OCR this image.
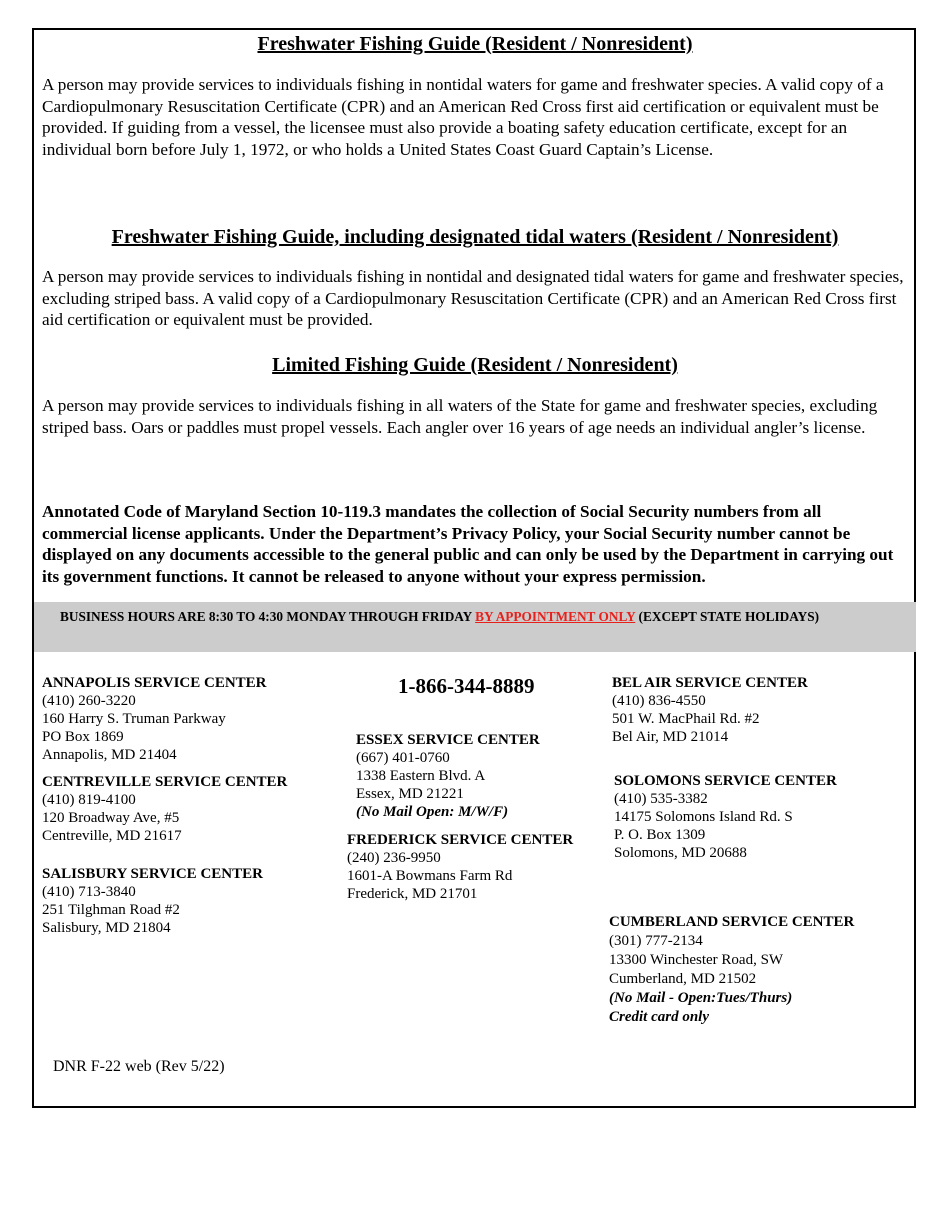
Freshwater Fishing Guide (Resident / Nonresident)

A person may provide services to individuals fishing in nontidal waters for game and freshwater species. A valid copy of a Cardiopulmonary Resuscitation Certificate (CPR) and an American Red Cross first aid certification or equivalent must be provided. If guiding from a vessel, the licensee must also provide a boating safety education certificate, except for an individual born before July 1, 1972, or who holds a United States Coast Guard Captain’s License.

Freshwater Fishing Guide, including designated tidal waters (Resident / Nonresident)

A person may provide services to individuals fishing in nontidal and designated tidal waters for game and freshwater species, excluding striped bass. A valid copy of a Cardiopulmonary Resuscitation Certificate (CPR) and an American Red Cross first aid certification or equivalent must be provided.

Limited Fishing Guide (Resident / Nonresident)

A person may provide services to individuals fishing in all waters of the State for game and freshwater species, excluding striped bass. Oars or paddles must propel vessels. Each angler over 16 years of age needs an individual angler’s license.

Annotated Code of Maryland Section 10-119.3 mandates the collection of Social Security numbers from all commercial license applicants. Under the Department’s Privacy Policy, your Social Security number cannot be displayed on any documents accessible to the general public and can only be used by the Department in carrying out its government functions. It cannot be released to anyone without your express permission.

BUSINESS HOURS ARE 8:30 TO 4:30 MONDAY THROUGH FRIDAY BY APPOINTMENT ONLY (EXCEPT STATE HOLIDAYS)
1-866-344-8889
ANNAPOLIS SERVICE CENTER
(410) 260-3220
160 Harry S. Truman Parkway
PO Box 1869
Annapolis, MD 21404
CENTREVILLE SERVICE CENTER
(410) 819-4100
120 Broadway Ave, #5
Centreville, MD 21617
SALISBURY SERVICE CENTER
(410) 713-3840
251 Tilghman Road #2
Salisbury, MD 21804
ESSEX SERVICE CENTER
(667) 401-0760
1338 Eastern Blvd. A
Essex, MD 21221
(No Mail Open: M/W/F)
FREDERICK SERVICE CENTER
(240) 236-9950
1601-A Bowmans Farm Rd
Frederick, MD 21701
BEL AIR SERVICE CENTER
(410) 836-4550
501 W. MacPhail Rd. #2
Bel Air, MD 21014
SOLOMONS SERVICE CENTER
(410) 535-3382
14175 Solomons Island Rd. S
P. O. Box 1309
Solomons, MD 20688
CUMBERLAND SERVICE CENTER
(301) 777-2134
13300 Winchester Road, SW
Cumberland, MD 21502
(No Mail - Open:Tues/Thurs)
Credit card only
DNR F-22 web (Rev 5/22)
